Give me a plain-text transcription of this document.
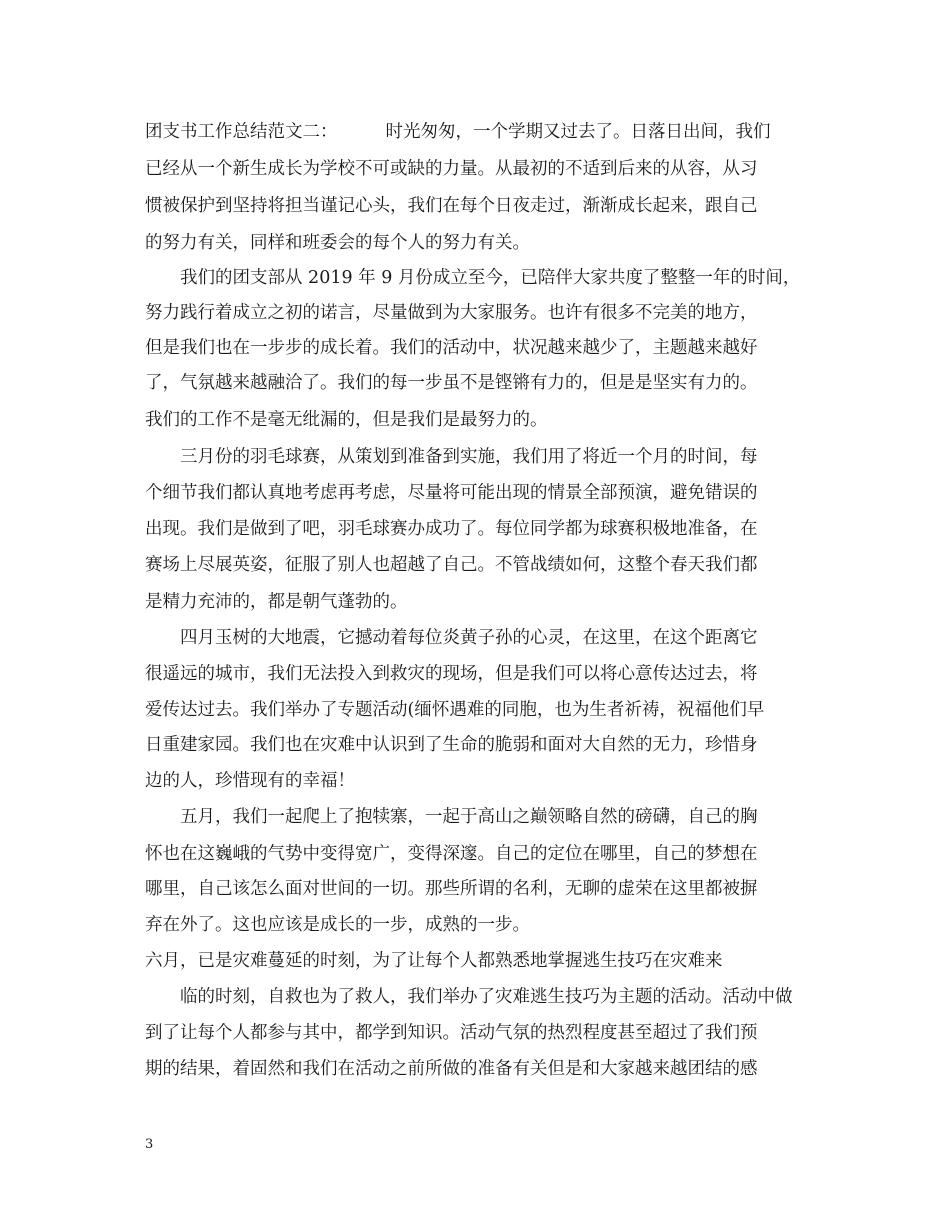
团支书工作总结范文二：	时光匆匆，一个学期又过去了。日落日出间，我们
已经从一个新生成长为学校不可或缺的力量。从最初的不适到后来的从容，从习
惯被保护到坚持将担当谨记心头，我们在每个日夜走过，渐渐成长起来，跟自己
的努力有关，同样和班委会的每个人的努力有关。
我们的团支部从 2019 年 9 月份成立至今，已陪伴大家共度了整整一年的时间，
努力践行着成立之初的诺言，尽量做到为大家服务。也许有很多不完美的地方，
但是我们也在一步步的成长着。我们的活动中，状况越来越少了，主题越来越好
了，气氛越来越融洽了。我们的每一步虽不是铿锵有力的，但是是坚实有力的。
我们的工作不是毫无纰漏的，但是我们是最努力的。
三月份的羽毛球赛，从策划到准备到实施，我们用了将近一个月的时间，每
个细节我们都认真地考虑再考虑，尽量将可能出现的情景全部预演，避免错误的
出现。我们是做到了吧，羽毛球赛办成功了。每位同学都为球赛积极地准备，在
赛场上尽展英姿，征服了别人也超越了自己。不管战绩如何，这整个春天我们都
是精力充沛的，都是朝气蓬勃的。
四月玉树的大地震，它撼动着每位炎黄子孙的心灵，在这里，在这个距离它
很遥远的城市，我们无法投入到救灾的现场，但是我们可以将心意传达过去，将
爱传达过去。我们举办了专题活动(缅怀遇难的同胞，也为生者祈祷，祝福他们早
日重建家园。我们也在灾难中认识到了生命的脆弱和面对大自然的无力，珍惜身
边的人，珍惜现有的幸福！
五月，我们一起爬上了抱犊寨，一起于高山之巅领略自然的磅礴，自己的胸
怀也在这巍峨的气势中变得宽广，变得深邃。自己的定位在哪里，自己的梦想在
哪里，自己该怎么面对世间的一切。那些所谓的名利，无聊的虚荣在这里都被摒
弃在外了。这也应该是成长的一步，成熟的一步。
六月，已是灾难蔓延的时刻，为了让每个人都熟悉地掌握逃生技巧在灾难来
临的时刻，自救也为了救人，我们举办了灾难逃生技巧为主题的活动。活动中做
到了让每个人都参与其中，都学到知识。活动气氛的热烈程度甚至超过了我们预
期的结果，着固然和我们在活动之前所做的准备有关但是和大家越来越团结的感
3
